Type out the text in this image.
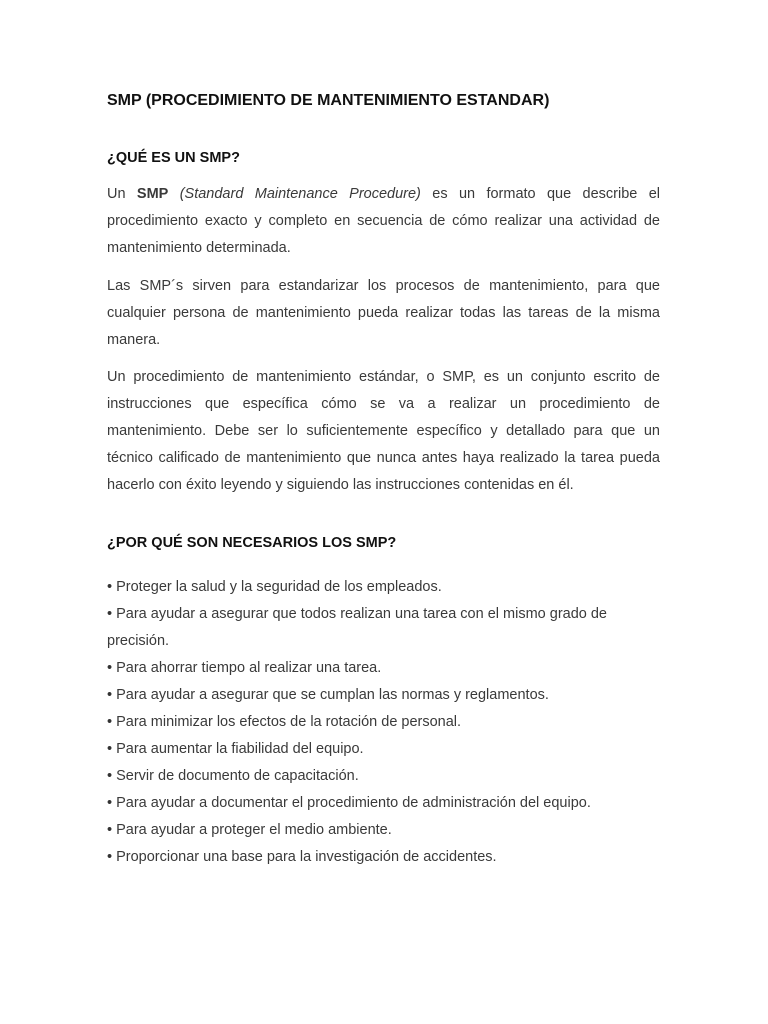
SMP (PROCEDIMIENTO DE MANTENIMIENTO ESTANDAR)
¿QUÉ ES UN SMP?

Un SMP (Standard Maintenance Procedure) es un formato que describe el procedimiento exacto y completo en secuencia de cómo realizar una actividad de mantenimiento determinada.

Las SMP´s sirven para estandarizar los procesos de mantenimiento, para que cualquier persona de mantenimiento pueda realizar todas las tareas de la misma manera.

Un procedimiento de mantenimiento estándar, o SMP, es un conjunto escrito de instrucciones que específica cómo se va a realizar un procedimiento de mantenimiento. Debe ser lo suficientemente específico y detallado para que un técnico calificado de mantenimiento que nunca antes haya realizado la tarea pueda hacerlo con éxito leyendo y siguiendo las instrucciones contenidas en él.

¿POR QUÉ SON NECESARIOS LOS SMP?
• Proteger la salud y la seguridad de los empleados.
• Para ayudar a asegurar que todos realizan una tarea con el mismo grado de precisión.
• Para ahorrar tiempo al realizar una tarea.
• Para ayudar a asegurar que se cumplan las normas y reglamentos.
• Para minimizar los efectos de la rotación de personal.
• Para aumentar la fiabilidad del equipo.
• Servir de documento de capacitación.
• Para ayudar a documentar el procedimiento de administración del equipo.
• Para ayudar a proteger el medio ambiente.
• Proporcionar una base para la investigación de accidentes.
